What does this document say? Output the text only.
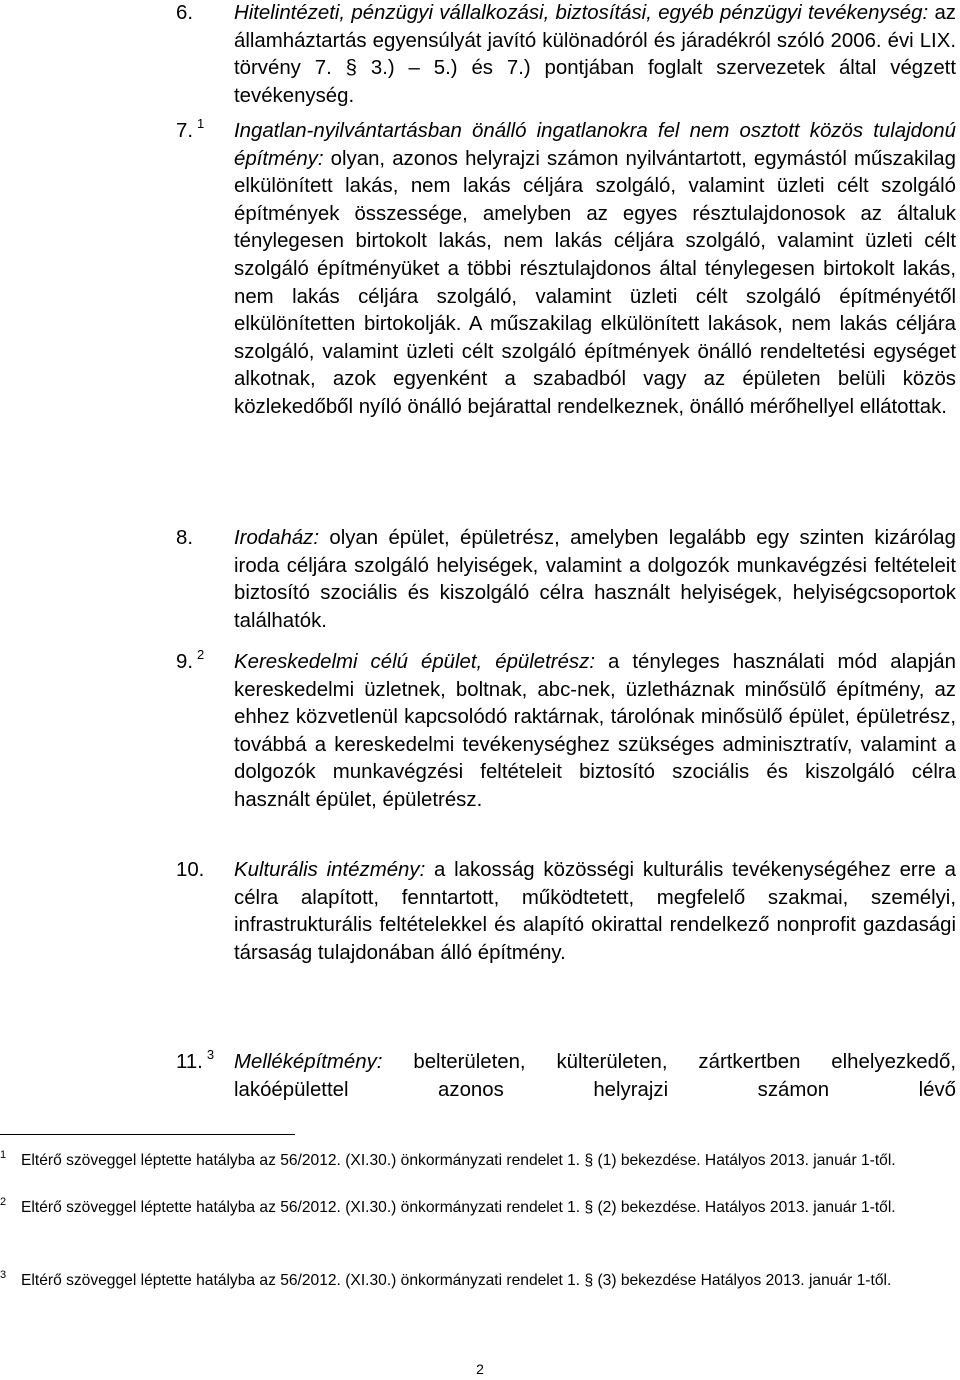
6. Hitelintézeti, pénzügyi vállalkozási, biztosítási, egyéb pénzügyi tevékenység: az államháztartás egyensúlyát javító különadóról és járadékról szóló 2006. évi LIX. törvény 7. § 3.) – 5.) és 7.) pontjában foglalt szervezetek által végzett tevékenység.
7. $^1$ Ingatlan-nyilvántartásban önálló ingatlanokra fel nem osztott közös tulajdonú építmény: olyan, azonos helyrajzi számon nyilvántartott, egymástól műszakilag elkülönített lakás, nem lakás céljára szolgáló, valamint üzleti célt szolgáló építmények összessége, amelyben az egyes résztulajdonosok az általuk ténylegesen birtokolt lakás, nem lakás céljára szolgáló, valamint üzleti célt szolgáló építményüket a többi résztulajdonos által ténylegesen birtokolt lakás, nem lakás céljára szolgáló, valamint üzleti célt szolgáló építményétől elkülönítetten birtokolják. A műszakilag elkülönített lakások, nem lakás céljára szolgáló, valamint üzleti célt szolgáló építmények önálló rendeltetési egységet alkotnak, azok egyenként a szabadból vagy az épületen belüli közös közlekedőből nyíló önálló bejárattal rendelkeznek, önálló mérőhellyel ellátottak.
8. Irodaház: olyan épület, épületrész, amelyben legalább egy szinten kizárólag iroda céljára szolgáló helyiségek, valamint a dolgozók munkavégzési feltételeit biztosító szociális és kiszolgáló célra használt helyiségek, helyiségcsoportok találhatók.
9. $^2$ Kereskedelmi célú épület, épületrész: a tényleges használati mód alapján kereskedelmi üzletnek, boltnak, abc-nek, üzletháznak minősülő építmény, az ehhez közvetlenül kapcsolódó raktárnak, tárolónak minősülő épület, épületrész, továbbá a kereskedelmi tevékenységhez szükséges adminisztratív, valamint a dolgozók munkavégzési feltételeit biztosító szociális és kiszolgáló célra használt épület, épületrész.
10. Kulturális intézmény: a lakosság közösségi kulturális tevékenységéhez erre a célra alapított, fenntartott, működtetett, megfelelő szakmai, személyi, infrastrukturális feltételekkel és alapító okirattal rendelkező nonprofit gazdasági társaság tulajdonában álló építmény.
11. $^3$ Melléképítmény: belterületen, külterületen, zártkertben elhelyezkedő, lakóépülettel azonos helyrajzi számon lévő
1 Eltérő szöveggel léptette hatályba az 56/2012. (XI.30.) önkormányzati rendelet 1. § (1) bekezdése. Hatályos 2013. január 1-től.
2 Eltérő szöveggel léptette hatályba az 56/2012. (XI.30.) önkormányzati rendelet 1. § (2) bekezdése. Hatályos 2013. január 1-től.
3 Eltérő szöveggel léptette hatályba az 56/2012. (XI.30.) önkormányzati rendelet 1. § (3) bekezdése Hatályos 2013. január 1-től.
2
